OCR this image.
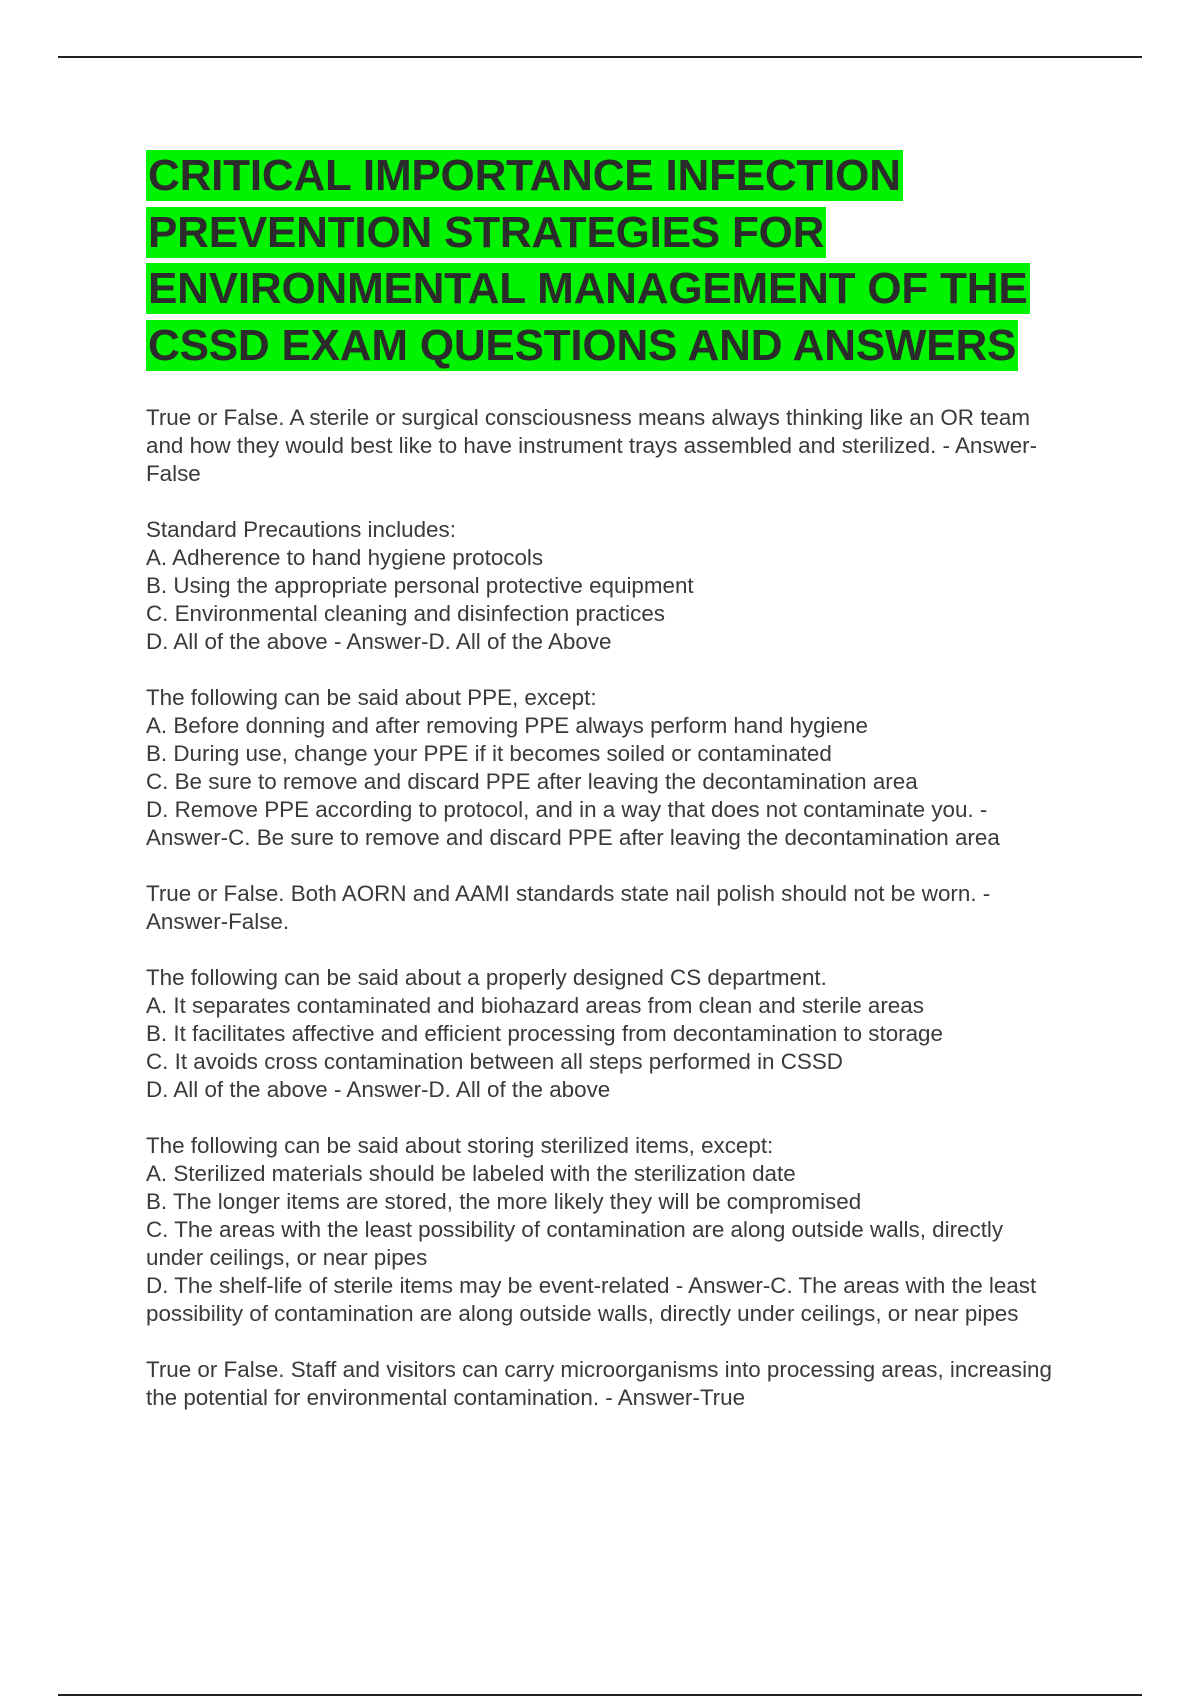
CRITICAL IMPORTANCE INFECTION PREVENTION STRATEGIES FOR ENVIRONMENTAL MANAGEMENT OF THE CSSD EXAM QUESTIONS AND ANSWERS

True or False. A sterile or surgical consciousness means always thinking like an OR team and how they would best like to have instrument trays assembled and sterilized. - Answer-False

Standard Precautions includes:

A. Adherence to hand hygiene protocols

B. Using the appropriate personal protective equipment

C. Environmental cleaning and disinfection practices

D. All of the above - Answer-D. All of the Above

The following can be said about PPE, except:

A. Before donning and after removing PPE always perform hand hygiene

B. During use, change your PPE if it becomes soiled or contaminated

C. Be sure to remove and discard PPE after leaving the decontamination area

D. Remove PPE according to protocol, and in a way that does not contaminate you. - Answer-C. Be sure to remove and discard PPE after leaving the decontamination area

True or False. Both AORN and AAMI standards state nail polish should not be worn. - Answer-False.

The following can be said about a properly designed CS department.

A. It separates contaminated and biohazard areas from clean and sterile areas

B. It facilitates affective and efficient processing from decontamination to storage

C. It avoids cross contamination between all steps performed in CSSD

D. All of the above - Answer-D. All of the above

The following can be said about storing sterilized items, except:

A. Sterilized materials should be labeled with the sterilization date

B. The longer items are stored, the more likely they will be compromised

C. The areas with the least possibility of contamination are along outside walls, directly under ceilings, or near pipes

D. The shelf-life of sterile items may be event-related - Answer-C. The areas with the least possibility of contamination are along outside walls, directly under ceilings, or near pipes

True or False. Staff and visitors can carry microorganisms into processing areas, increasing the potential for environmental contamination. - Answer-True
